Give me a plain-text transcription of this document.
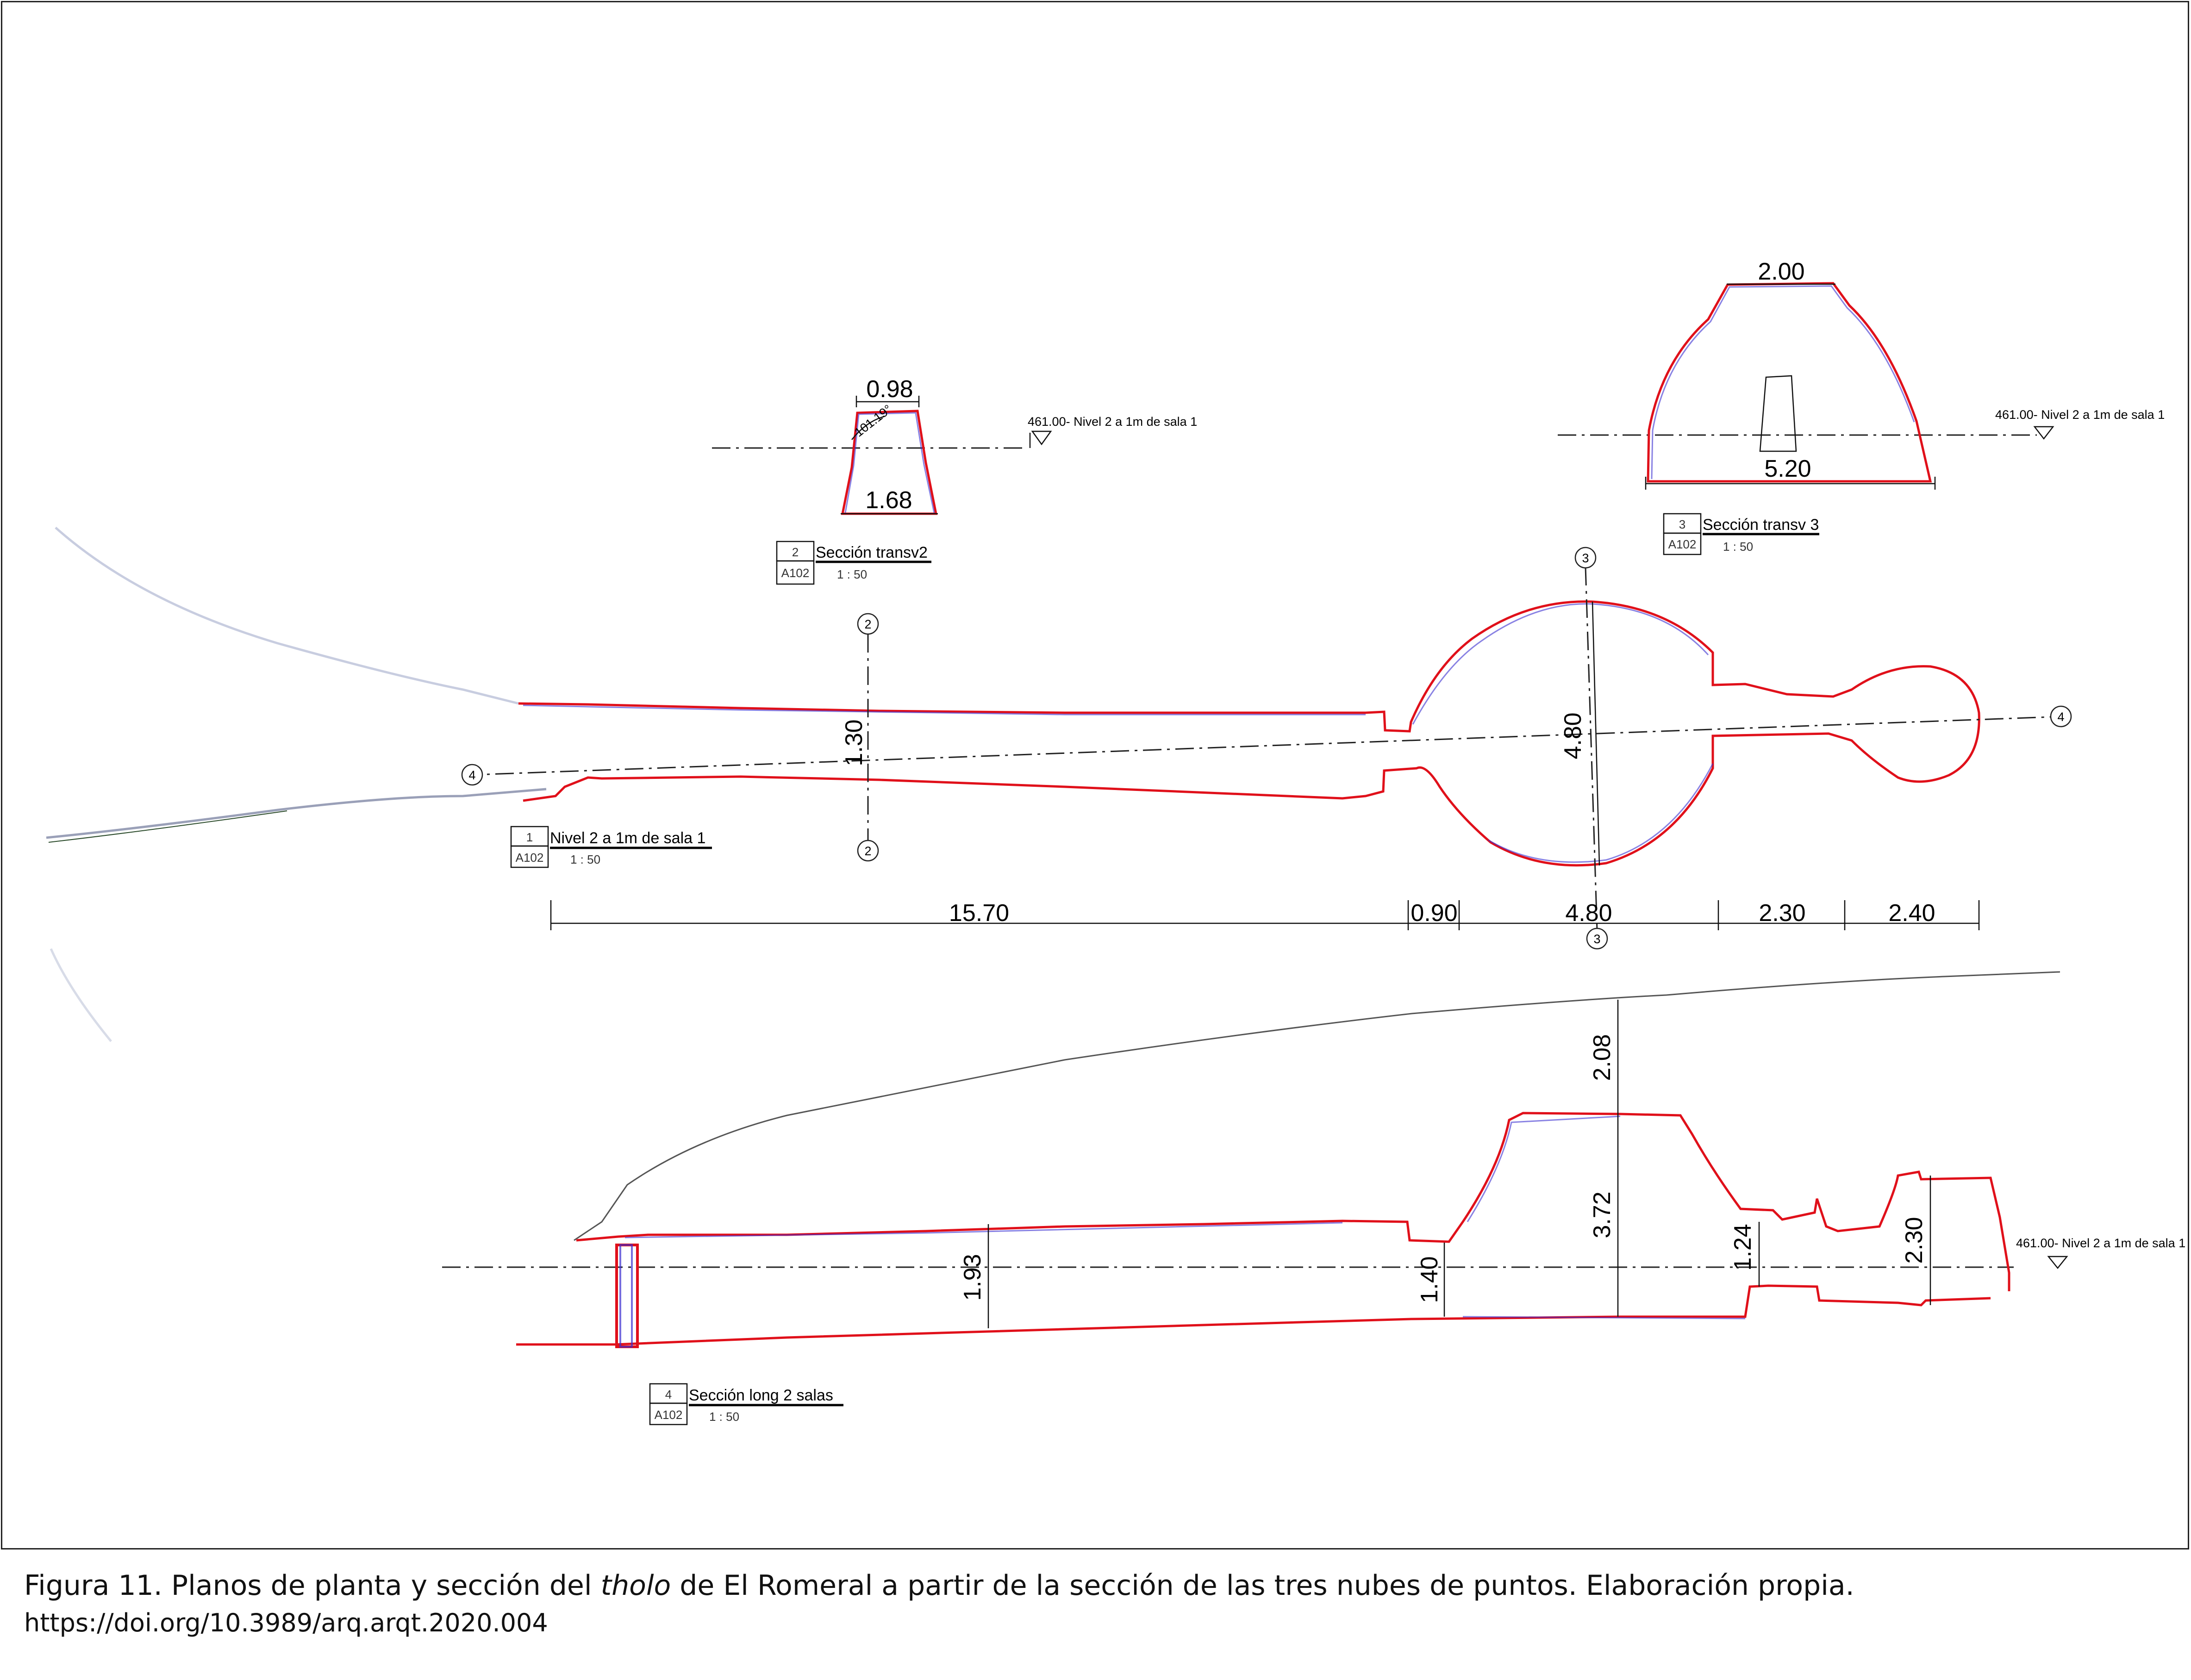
0.98
1.68
101.19°	461.00- Nivel 2 a 1m de sala 1
2
A102
Sección transv2
1 : 50
2.00
5.20
461.00- Nivel 2 a 1m de sala 1
3
A102
Sección transv 3
1 : 50
4
4
2
2
3
3
1.30	4.80
1
A102
Nivel 2 a 1m de sala 1
1 : 50
15.70	0.90	4.80	2.30	2.40
1.93	1.40
2.08
3.72
1.24	2.30	461.00- Nivel 2 a 1m de sala 1
4
A102
Sección long 2 salas
1 : 50

Figura 11. Planos de planta y sección del tholo de El Romeral a partir de la sección de las tres nubes de puntos. Elaboración propia.

https://doi.org/10.3989/arq.arqt.2020.004
